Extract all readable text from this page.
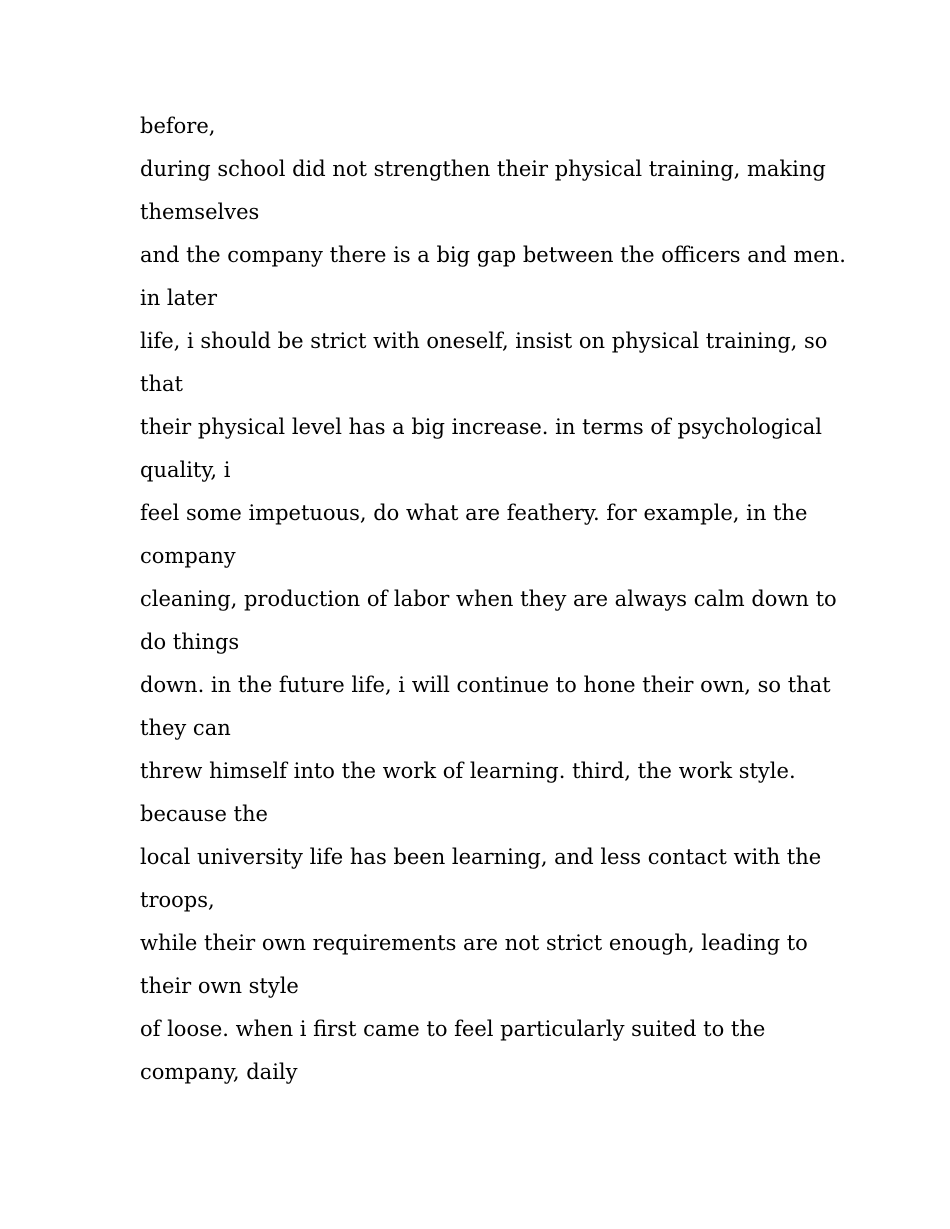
before,
during school did not strengthen their physical training, making
themselves
and the company there is a big gap between the officers and men.
in later
life, i should be strict with oneself, insist on physical training, so
that
their physical level has a big increase. in terms of psychological
quality, i
feel some impetuous, do what are feathery. for example, in the
company
cleaning, production of labor when they are always calm down to
do things
down. in the future life, i will continue to hone their own, so that
they can
threw himself into the work of learning. third, the work style.
because the
local university life has been learning, and less contact with the
troops,
while their own requirements are not strict enough, leading to
their own style
of loose. when i first came to feel particularly suited to the
company, daily
